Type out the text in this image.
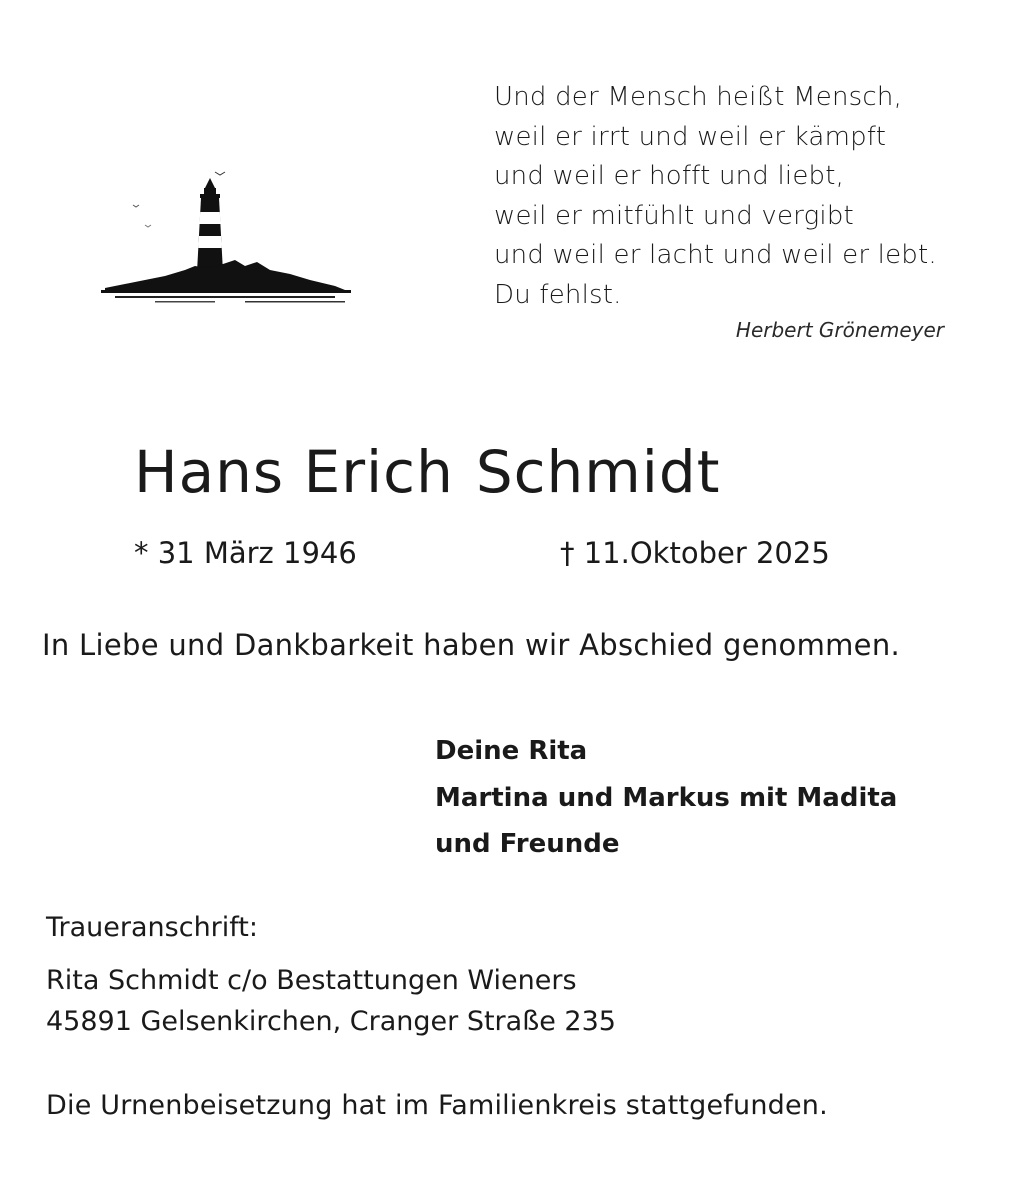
Und der Mensch heißt Mensch,
weil er irrt und weil er kämpft
und weil er hofft und liebt,
weil er mitfühlt und vergibt
und weil er lacht und weil er lebt.
Du fehlst.
Herbert Grönemeyer
Hans Erich Schmidt
* 31 März 1946	† 11.Oktober 2025
In Liebe und Dankbarkeit haben wir Abschied genommen.
Deine Rita
Martina und Markus mit Madita
und Freunde
Traueranschrift:
Rita Schmidt c/o Bestattungen Wieners
45891 Gelsenkirchen, Cranger Straße 235
Die Urnenbeisetzung hat im Familienkreis stattgefunden.
